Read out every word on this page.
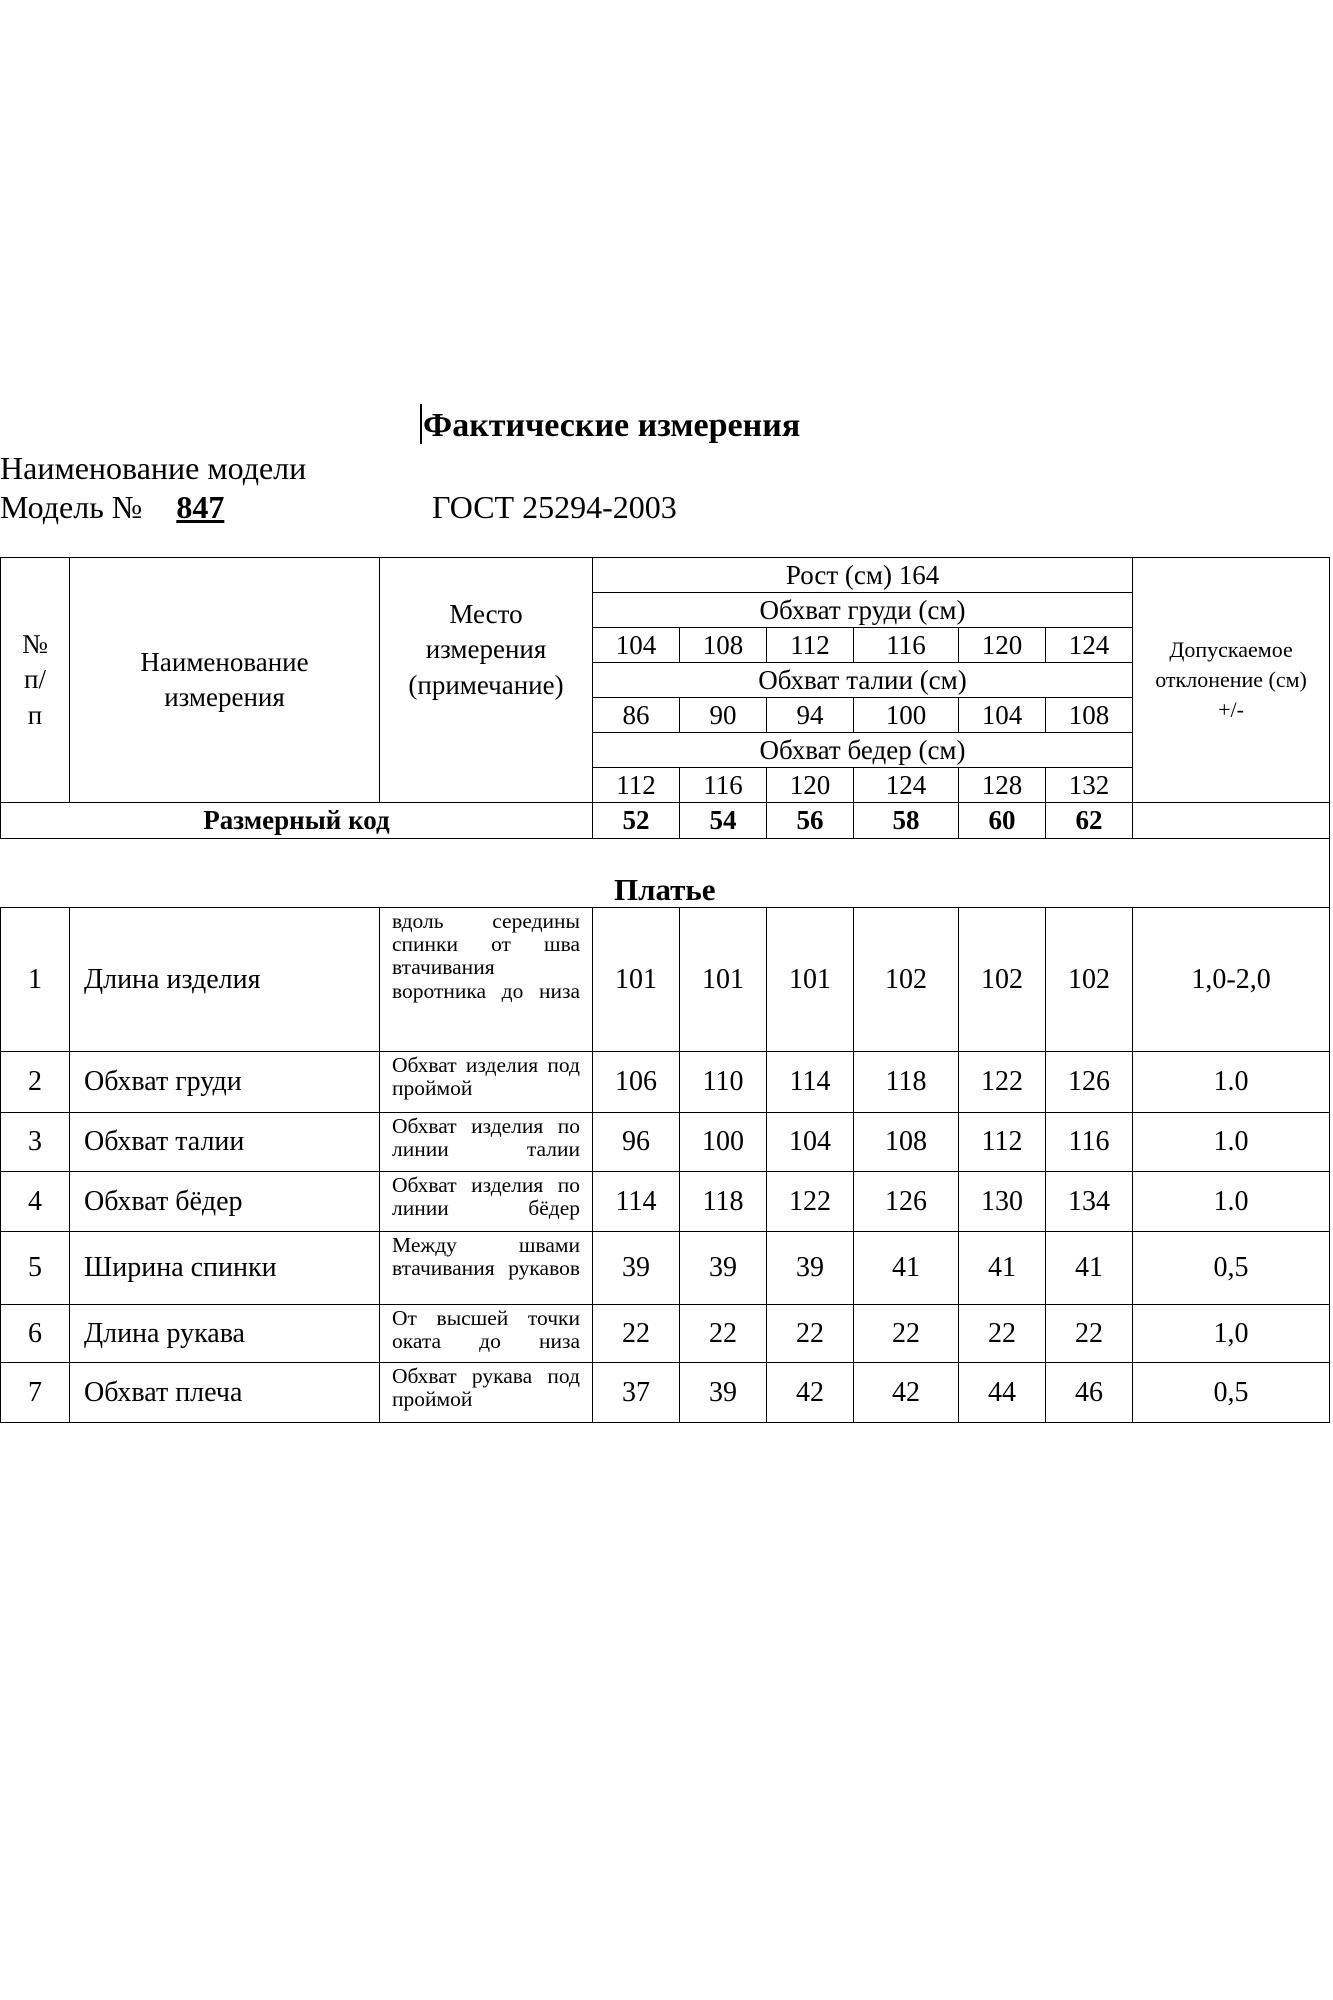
Фактические измерения
Наименование модели
Модель № 847	ГОСТ 25294-2003
№ п/п	Наименование измерения	Место измерения (примечание)	Рост (см) 164						Допускаемое отклонение (см) +/-
			Обхват груди (см)						
			104	108	112	116	120	124	
			Обхват талии (см)						
			86	90	94	100	104	108	
			Обхват бедер (см)						
			112	116	120	124	128	132	
Размерный код			52	54	56	58	60	62	
Платье									
1	Длина изделия	вдоль середины спинки от шва втачивания воротника до низа	101	101	101	102	102	102	1,0-2,0
2	Обхват груди	Обхват изделия под проймой	106	110	114	118	122	126	1.0
3	Обхват талии	Обхват изделия по линии талии	96	100	104	108	112	116	1.0
4	Обхват бёдер	Обхват изделия по линии бёдер	114	118	122	126	130	134	1.0
5	Ширина спинки	Между швами втачивания рукавов	39	39	39	41	41	41	0,5
6	Длина рукава	От высшей точки оката до низа	22	22	22	22	22	22	1,0
7	Обхват плеча	Обхват рукава под проймой	37	39	42	42	44	46	0,5
